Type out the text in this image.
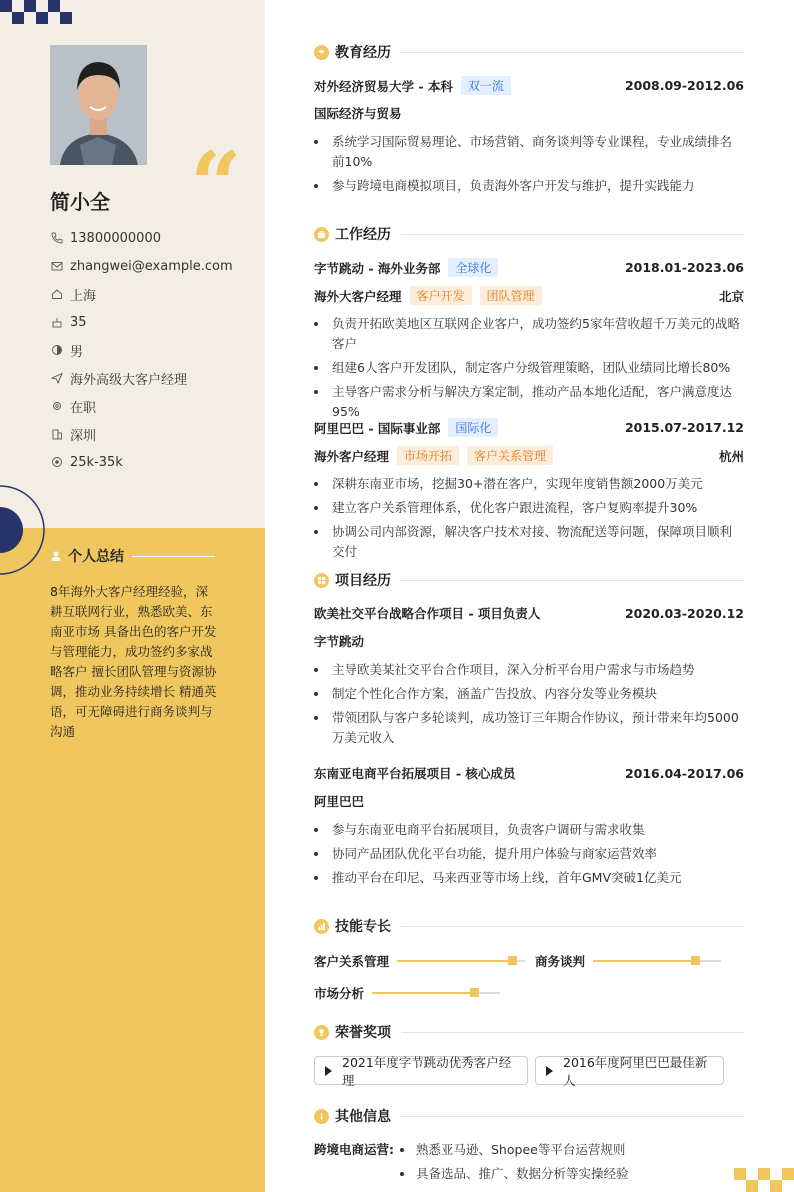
“
简小全
13800000000
zhangwei@example.com
上海
35
男
海外高级大客户经理
在职
深圳
25k-35k
个人总结
8年海外大客户经理经验，深耕互联网行业，熟悉欧美、东南亚市场 具备出色的客户开发与管理能力，成功签约多家战略客户 擅长团队管理与资源协调，推动业务持续增长 精通英语，可无障碍进行商务谈判与沟通
教育经历
对外经济贸易大学 - 本科	双一流	2008.09-2012.06
国际经济与贸易
系统学习国际贸易理论、市场营销、商务谈判等专业课程，专业成绩排名前10%
参与跨境电商模拟项目，负责海外客户开发与维护，提升实践能力
工作经历
字节跳动 - 海外业务部	全球化	2018.01-2023.06
海外大客户经理	客户开发	团队管理	北京
负责开拓欧美地区互联网企业客户，成功签约5家年营收超千万美元的战略客户
组建6人客户开发团队，制定客户分级管理策略，团队业绩同比增长80%
主导客户需求分析与解决方案定制，推动产品本地化适配，客户满意度达95%
阿里巴巴 - 国际事业部	国际化	2015.07-2017.12
海外客户经理	市场开拓	客户关系管理	杭州
深耕东南亚市场，挖掘30+潜在客户，实现年度销售额2000万美元
建立客户关系管理体系，优化客户跟进流程，客户复购率提升30%
协调公司内部资源，解决客户技术对接、物流配送等问题，保障项目顺利交付
项目经历
欧美社交平台战略合作项目 - 项目负责人	2020.03-2020.12
字节跳动
主导欧美某社交平台合作项目，深入分析平台用户需求与市场趋势
制定个性化合作方案，涵盖广告投放、内容分发等业务模块
带领团队与客户多轮谈判，成功签订三年期合作协议，预计带来年均5000万美元收入
东南亚电商平台拓展项目 - 核心成员	2016.04-2017.06
阿里巴巴
参与东南亚电商平台拓展项目，负责客户调研与需求收集
协同产品团队优化平台功能，提升用户体验与商家运营效率
推动平台在印尼、马来西亚等市场上线，首年GMV突破1亿美元
技能专长
客户关系管理	商务谈判
市场分析
荣誉奖项
2021年度字节跳动优秀客户经理
2016年度阿里巴巴最佳新人
其他信息
跨境电商运营:	熟悉亚马逊、Shopee等平台运营规则
具备选品、推广、数据分析等实操经验
